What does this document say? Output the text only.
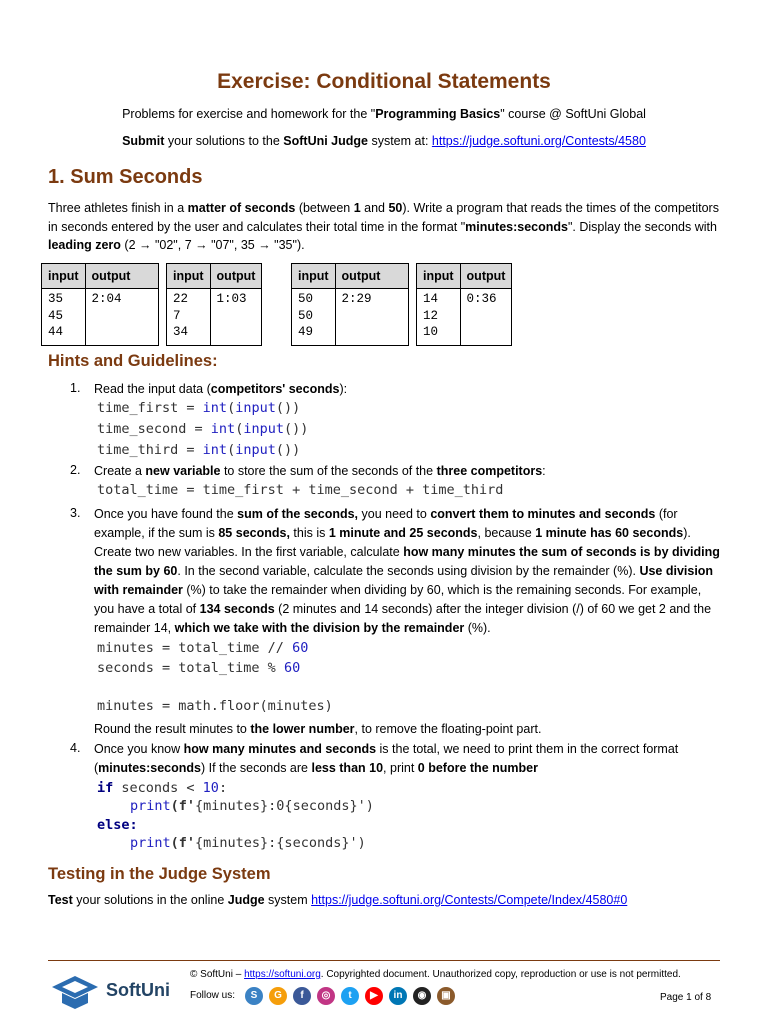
Exercise: Conditional Statements
Problems for exercise and homework for the "Programming Basics" course @ SoftUni Global
Submit your solutions to the SoftUni Judge system at: https://judge.softuni.org/Contests/4580
1. Sum Seconds
Three athletes finish in a matter of seconds (between 1 and 50). Write a program that reads the times of the competitors in seconds entered by the user and calculates their total time in the format "minutes:seconds". Display the seconds with leading zero (2 → "02", 7 → "07", 35 → "35").
input	output
35
45
44	2:04
input	output
22
7
34	1:03
input	output
50
50
49	2:29
input	output
14
12
10	0:36
Hints and Guidelines:
1. Read the input data (competitors' seconds):
time_first = int(input())
time_second = int(input())
time_third = int(input())
2. Create a new variable to store the sum of the seconds of the three competitors:
total_time = time_first + time_second + time_third
3. Once you have found the sum of the seconds, you need to convert them to minutes and seconds (for example, if the sum is 85 seconds, this is 1 minute and 25 seconds, because 1 minute has 60 seconds). Create two new variables. In the first variable, calculate how many minutes the sum of seconds is by dividing the sum by 60. In the second variable, calculate the seconds using division by the remainder (%). Use division with remainder (%) to take the remainder when dividing by 60, which is the remaining seconds. For example, you have a total of 134 seconds (2 minutes and 14 seconds) after the integer division (/) of 60 we get 2 and the remainder 14, which we take with the division by the remainder (%).
minutes = total_time // 60
seconds = total_time % 60
minutes = math.floor(minutes)
Round the result minutes to the lower number, to remove the floating-point part.
4. Once you know how many minutes and seconds is the total, we need to print them in the correct format (minutes:seconds) If the seconds are less than 10, print 0 before the number
if seconds < 10:
print(f'{minutes}:0{seconds}')
else:
print(f'{minutes}:{seconds}')
Testing in the Judge System
Test your solutions in the online Judge system https://judge.softuni.org/Contests/Compete/Index/4580#0
SoftUni
© SoftUni – https://softuni.org. Copyrighted document. Unauthorized copy, reproduction or use is not permitted.
Follow us:	S	G	f	◎	t	▶	in	◉	▣	Page 1 of 8
